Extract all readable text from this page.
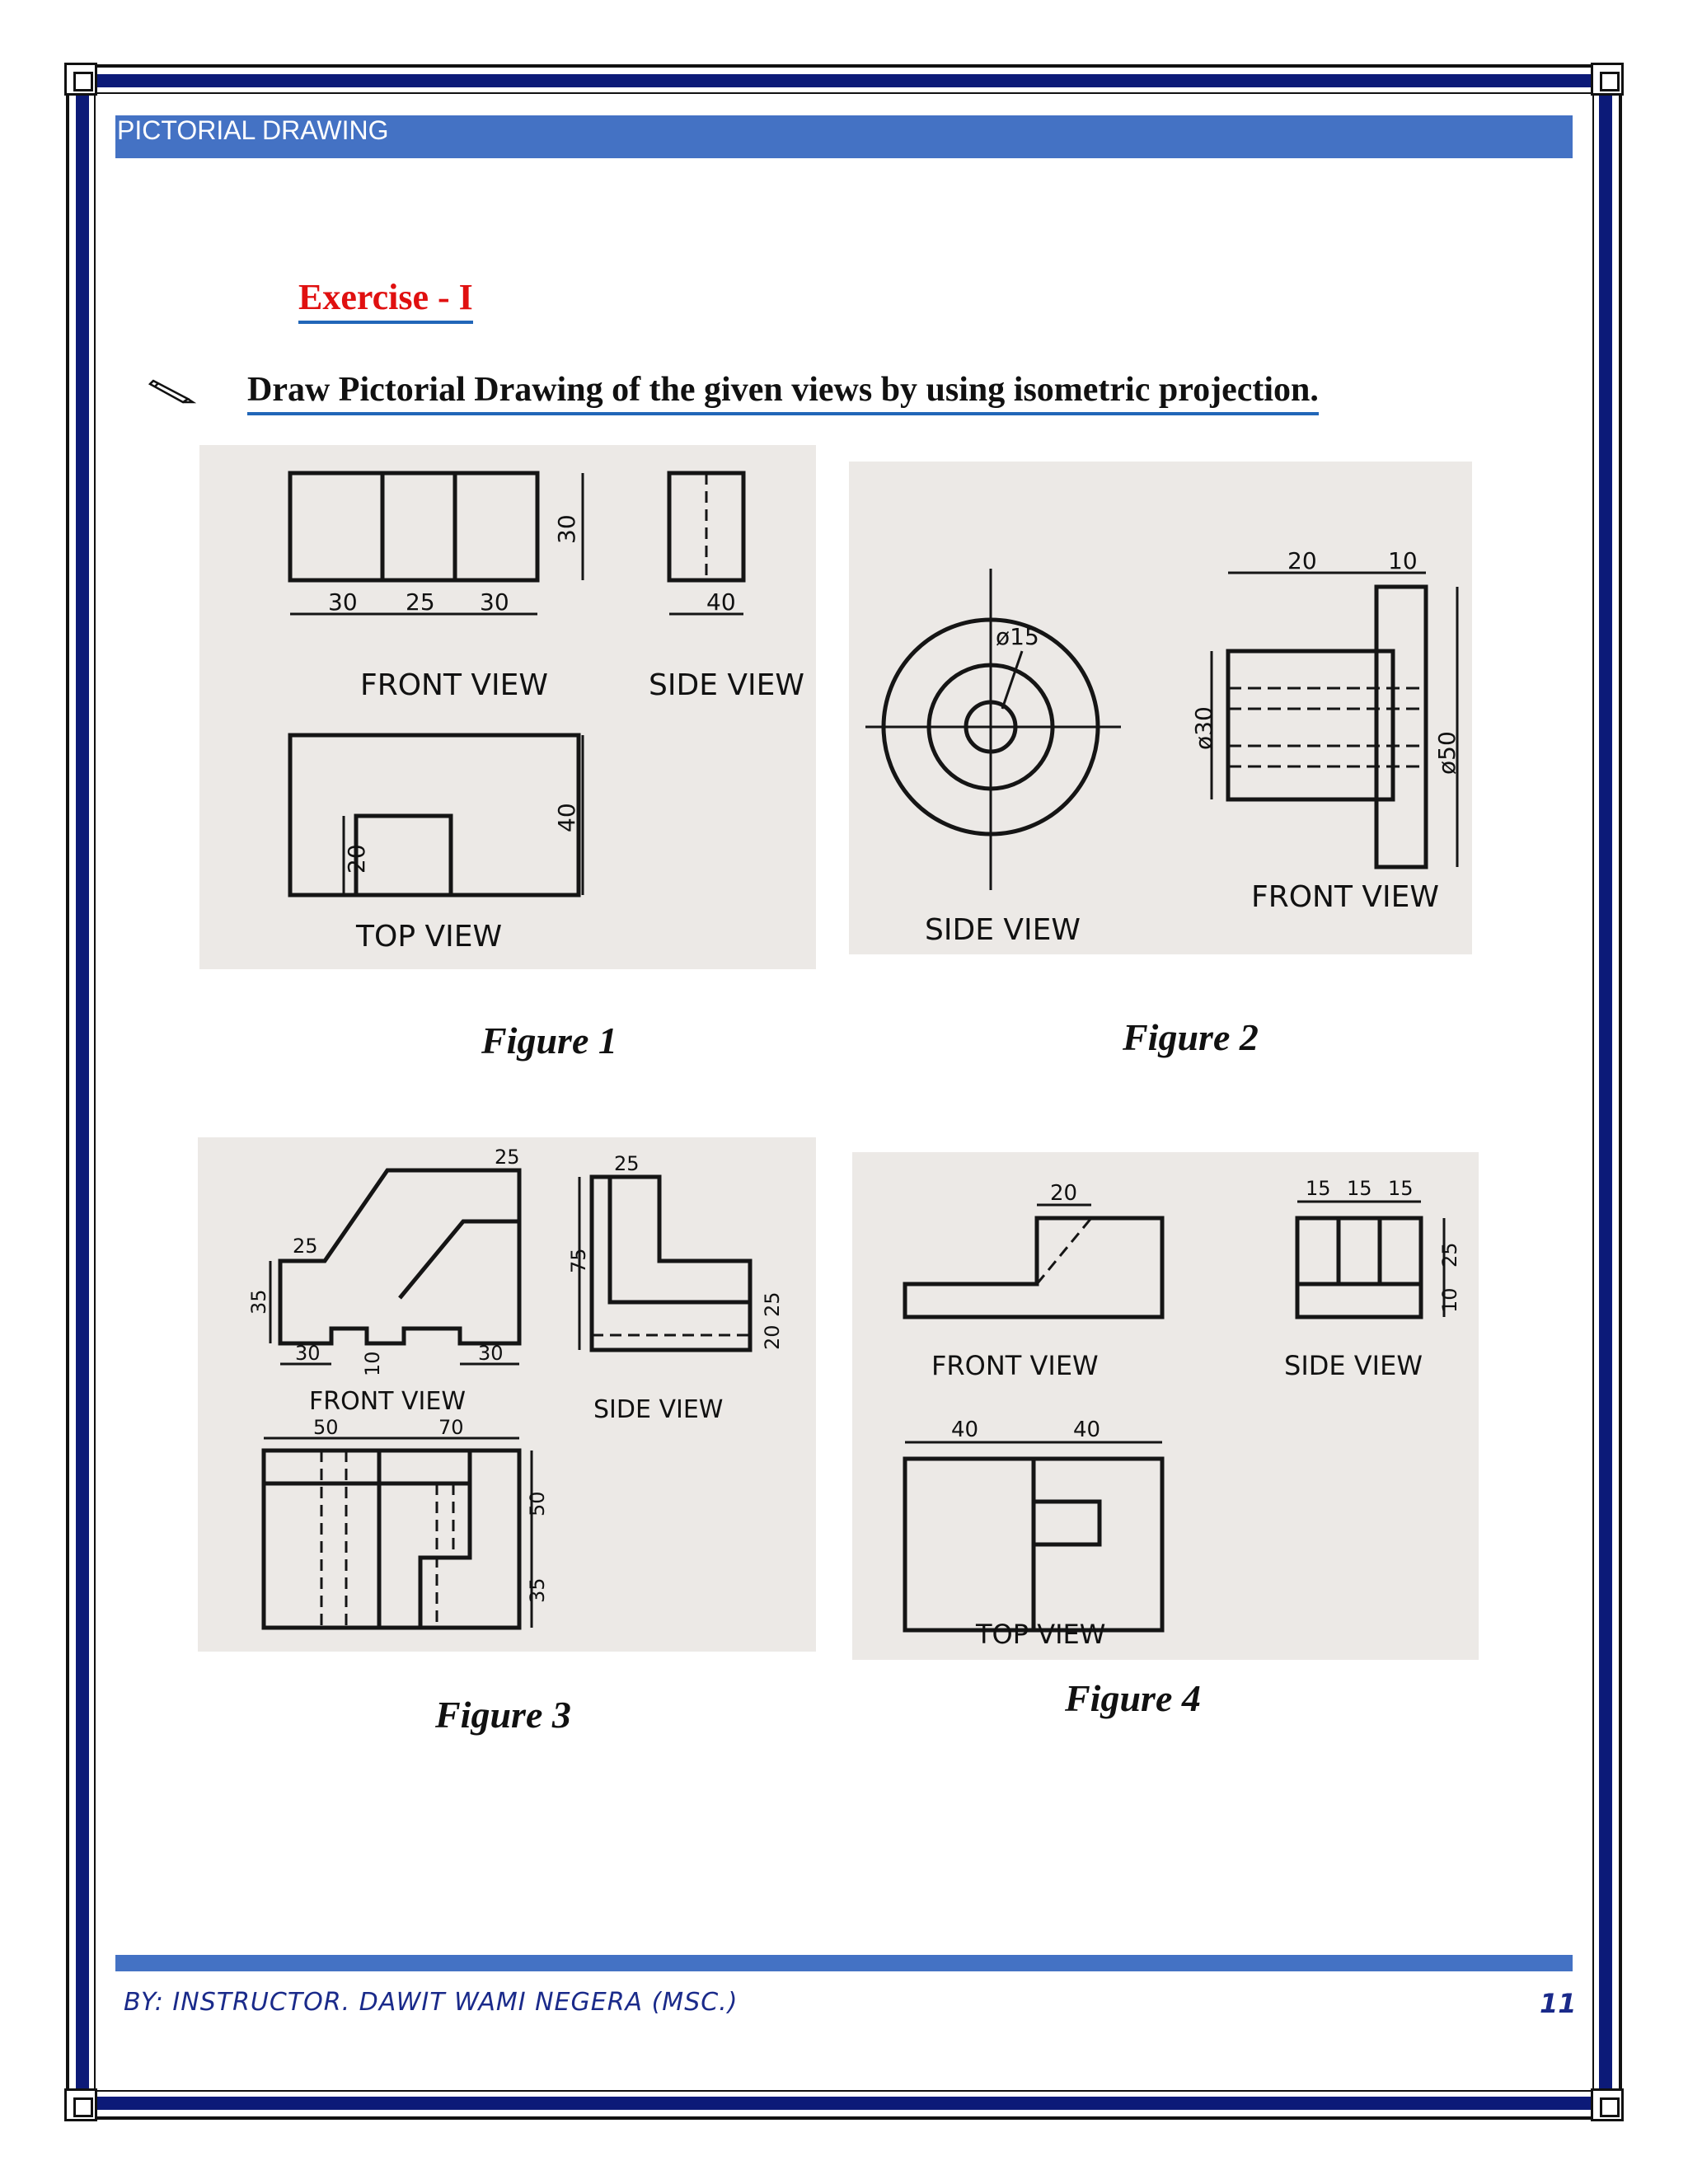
PICTORIAL DRAWING
Exercise - I
Draw Pictorial Drawing of the given views by using isometric projection.
30 25 30
30
40
40
20
FRONT VIEW	SIDE VIEW
TOP VIEW
Figure 1
ø15
ø30
ø50
20	10
SIDE VIEW
FRONT VIEW
Figure 2
25
25
35
30 10	30
25
75
20
25
50	70
50
35
FRONT VIEW	SIDE VIEW
Figure 3
20	15 15 15
25
10
40	40
FRONT VIEW	SIDE VIEW
TOP VIEW
Figure 4
BY: INSTRUCTOR. DAWIT WAMI NEGERA (MSC.)	11
